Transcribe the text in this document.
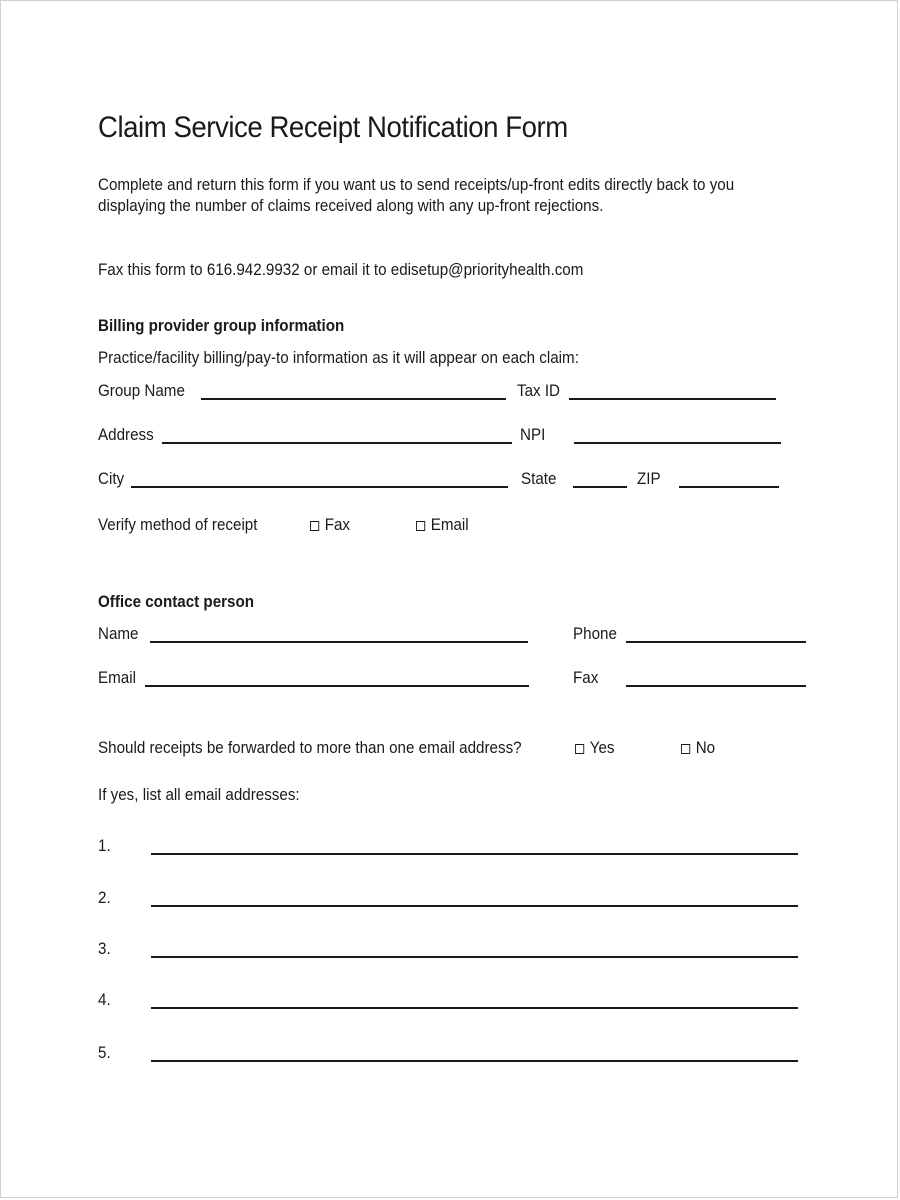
Claim Service Receipt Notification Form
Complete and return this form if you want us to send receipts/up-front edits directly back to you
displaying the number of claims received along with any up-front rejections.
Fax this form to 616.942.9932 or email it to edisetup@priorityhealth.com
Billing provider group information
Practice/facility billing/pay-to information as it will appear on each claim:
Group Name	Tax ID
Address	NPI
City	State	ZIP
Verify method of receipt	Fax	Email
Office contact person
Name	Phone
Email	Fax
Should receipts be forwarded to more than one email address?	Yes	No
If yes, list all email addresses:
1.
2.
3.
4.
5.
